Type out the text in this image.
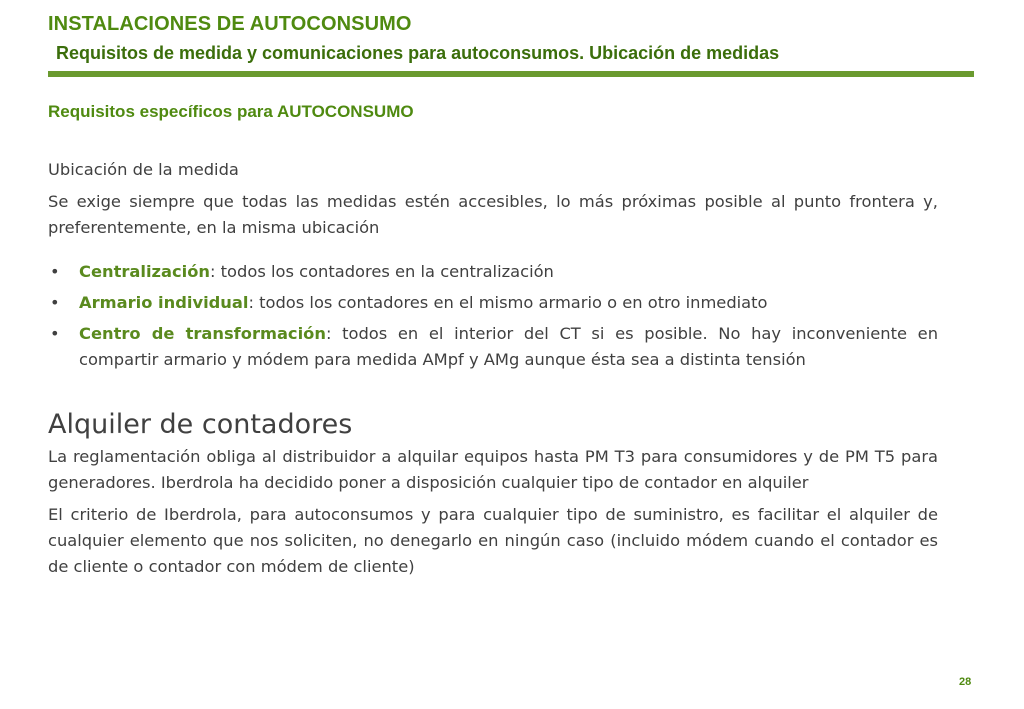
INSTALACIONES DE AUTOCONSUMO
Requisitos de medida y comunicaciones para autoconsumos. Ubicación de medidas
Requisitos específicos para AUTOCONSUMO

Ubicación de la medida

Se exige siempre que todas las medidas estén accesibles, lo más próximas posible al punto frontera y, preferentemente, en la misma ubicación

• Centralización: todos los contadores en la centralización
• Armario individual: todos los contadores en el mismo armario o en otro inmediato
• Centro de transformación: todos en el interior del CT si es posible. No hay inconveniente en compartir armario y módem para medida AMpf y AMg aunque ésta sea a distinta tensión
Alquiler de contadores

La reglamentación obliga al distribuidor a alquilar equipos hasta PM T3 para consumidores y de PM T5 para generadores. Iberdrola ha decidido poner a disposición cualquier tipo de contador en alquiler

El criterio de Iberdrola, para autoconsumos y para cualquier tipo de suministro, es facilitar el alquiler de cualquier elemento que nos soliciten, no denegarlo en ningún caso (incluido módem cuando el contador es de cliente o contador con módem de cliente)

28
